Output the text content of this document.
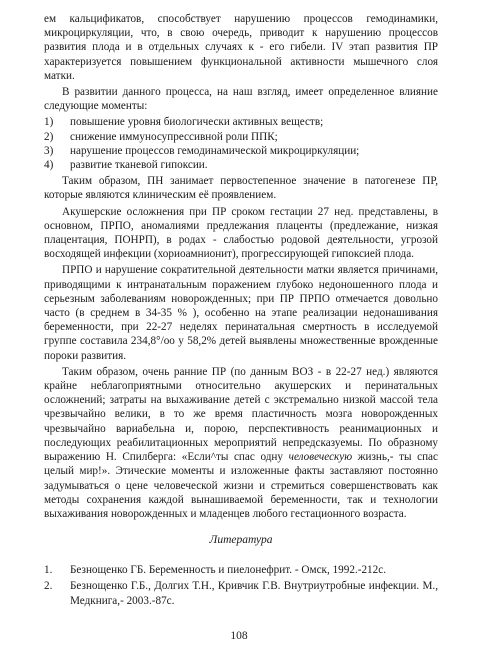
ем кальцификатов, способствует нарушению процессов гемодинамики, микроциркуляции, что, в свою очередь, приводит к нарушению процессов развития плода и в отдельных случаях к - его гибели. IV этап развития ПР характеризуется повышением функциональной активности мышечного слоя матки.

В развитии данного процесса, на наш взгляд, имеет определенное влияние следующие моменты:

1)	повышение уровня биологически активных веществ;
2)	снижение иммуносупрессивной роли ППК;
3)	нарушение процессов гемодинамической микроциркуляции;
4)	развитие тканевой гипоксии.

Таким образом, ПН занимает первостепенное значение в патогенезе ПР, которые являются клиническим её проявлением.

Акушерские осложнения при ПР сроком гестации 27 нед. представлены, в основном, ПРПО, аномалиями предлежания плаценты (предлежание, низкая плацентация, ПОНРП), в родах - слабостью родовой деятельности, угрозой восходящей инфекции (хориоамнионит), прогрессирующей гипоксией плода.

ПРПО и нарушение сократительной деятельности матки является причинами, приводящими к интранатальным поражением глубоко недоношенного плода и серьезным заболеваниям новорожденных; при ПР ПРПО отмечается довольно часто (в среднем в 34-35 % ), особенно на этапе реализации недонашивания беременности, при 22-27 неделях перинатальная смертность в исследуемой группе составила 234,8°/оо у 58,2% детей выявлены множественные врожденные пороки развития.

Таким образом, очень ранние ПР (по данным ВОЗ - в 22-27 нед.) являются крайне неблагоприятными относительно акушерских и перинатальных осложнений; затраты на выхаживание детей с экстремально низкой массой тела чрезвычайно велики, в то же время пластичность мозга новорожденных чрезвычайно вариабельна и, порою, перспективность реанимационных и последующих реабилитационных мероприятий непредсказуемы. По образному выражению Н. Спилберга: «Если^ты спас одну человеческую жизнь,- ты спас целый мир!». Этические моменты и изложенные факты заставляют постоянно задумываться о цене человеческой жизни и стремиться совершенствовать как методы сохранения каждой вынашиваемой беременности, так и технологии выхаживания новорожденных и младенцев любого гестационного возраста.

Литература
1.	Безнощенко ГБ. Беременность и пиелонефрит. - Омск, 1992.-212с.
2.	Безнощенко Г.Б., Долгих Т.Н., Кривчик Г.В. Внутриутробные инфекции. М., Медкнига,- 2003.-87с.
108
